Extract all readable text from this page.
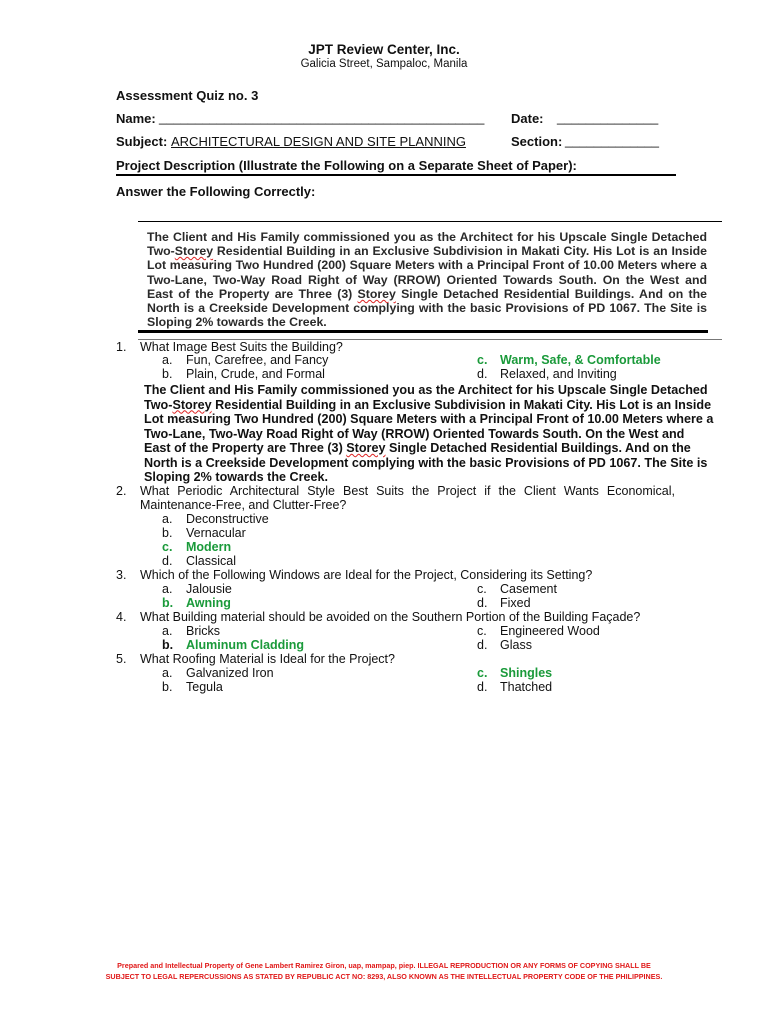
JPT Review Center, Inc.
Galicia Street, Sampaloc, Manila
Assessment Quiz no. 3
Name: _____________________________________________ Date: ______________
Subject: ARCHITECTURAL DESIGN AND SITE PLANNING	Section: _____________
Project Description (Illustrate the Following on a Separate Sheet of Paper):
Answer the Following Correctly:
The Client and His Family commissioned you as the Architect for his Upscale Single Detached
Two-Storey Residential Building in an Exclusive Subdivision in Makati City. His Lot is an Inside
Lot measuring Two Hundred (200) Square Meters with a Principal Front of 10.00 Meters where a
Two-Lane, Two-Way Road Right of Way (RROW) Oriented Towards South. On the West and
East of the Property are Three (3) Storey Single Detached Residential Buildings. And on the
North is a Creekside Development complying with the basic Provisions of PD 1067. The Site is
Sloping 2% towards the Creek.
1. What Image Best Suits the Building?
a. Fun, Carefree, and Fancy
b. Plain, Crude, and Formal
c. Warm, Safe, & Comfortable
d. Relaxed, and Inviting
The Client and His Family commissioned you as the Architect for his Upscale Single Detached
Two-Storey Residential Building in an Exclusive Subdivision in Makati City. His Lot is an Inside
Lot measuring Two Hundred (200) Square Meters with a Principal Front of 10.00 Meters where a
Two-Lane, Two-Way Road Right of Way (RROW) Oriented Towards South. On the West and
East of the Property are Three (3) Storey Single Detached Residential Buildings. And on the
North is a Creekside Development complying with the basic Provisions of PD 1067. The Site is
Sloping 2% towards the Creek.
2. What Periodic Architectural Style Best Suits the Project if the Client Wants Economical,
Maintenance-Free, and Clutter-Free?
a. Deconstructive
b. Vernacular
c. Modern
d. Classical
3. Which of the Following Windows are Ideal for the Project, Considering its Setting?
a. Jalousie
b. Awning
c. Casement
d. Fixed
4. What Building material should be avoided on the Southern Portion of the Building Façade?
a. Bricks
b. Aluminum Cladding
c. Engineered Wood
d. Glass
5. What Roofing Material is Ideal for the Project?
a. Galvanized Iron
b. Tegula
c. Shingles
d. Thatched
Prepared and Intellectual Property of Gene Lambert Ramirez Giron, uap, mampap, piep. ILLEGAL REPRODUCTION OR ANY FORMS OF COPYING SHALL BE
SUBJECT TO LEGAL REPERCUSSIONS AS STATED BY REPUBLIC ACT NO: 8293, ALSO KNOWN AS THE INTELLECTUAL PROPERTY CODE OF THE PHILIPPINES.
